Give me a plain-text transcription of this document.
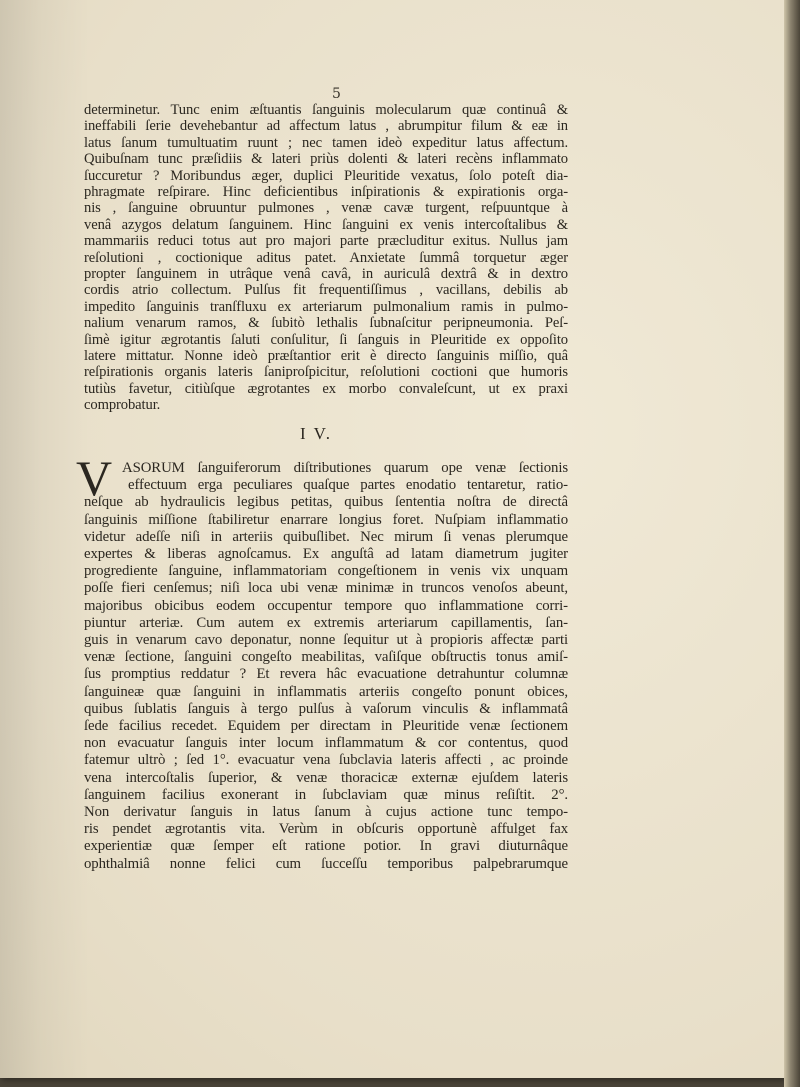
5

determinetur. Tunc enim æſtuantis ſanguinis molecularum quæ continuâ &

ineffabili ſerie devehebantur ad affectum latus , abrumpitur filum & eæ in

latus ſanum tumultuatim ruunt ; nec tamen ideò expeditur latus affectum.

Quibuſnam tunc præſidiis & lateri priùs dolenti & lateri recèns inflammato

ſuccuretur ? Moribundus æger, duplici Pleuritide vexatus, ſolo poteſt dia-

phragmate reſpirare. Hinc deficientibus inſpirationis & expirationis orga-

nis , ſanguine obruuntur pulmones , venæ cavæ turgent, reſpuuntque à

venâ azygos delatum ſanguinem. Hinc ſanguini ex venis intercoſtalibus &

mammariis reduci totus aut pro majori parte præcluditur exitus. Nullus jam

reſolutioni , coctionique aditus patet. Anxietate ſummâ torquetur æger

propter ſanguinem in utrâque venâ cavâ, in auriculâ dextrâ & in dextro

cordis atrio collectum. Pulſus fit frequentiſſimus , vacillans, debilis ab

impedito ſanguinis tranſfluxu ex arteriarum pulmonalium ramis in pulmo-

nalium venarum ramos, & ſubitò lethalis ſubnaſcitur peripneumonia. Peſ-

ſimè igitur ægrotantis ſaluti conſulitur, ſi ſanguis in Pleuritide ex oppoſito

latere mittatur. Nonne ideò præſtantior erit è directo ſanguinis miſſio, quâ

reſpirationis organis lateris ſaniproſpicitur, reſolutioni coctioni que humoris

tutiùs favetur, citiùſque ægrotantes ex morbo convaleſcunt, ut ex praxi

comprobatur.

I V.
V ASORUM ſanguiferorum diſtributiones quarum ope venæ ſectionis

effectuum erga peculiares quaſque partes enodatio tentaretur, ratio-

neſque ab hydraulicis legibus petitas, quibus ſententia noſtra de directâ

ſanguinis miſſione ſtabiliretur enarrare longius foret. Nuſpiam inflammatio

videtur adeſſe niſi in arteriis quibuſlibet. Nec mirum ſi venas plerumque

expertes & liberas agnoſcamus. Ex anguſtâ ad latam diametrum jugiter

progrediente ſanguine, inflammatoriam congeſtionem in venis vix unquam

poſſe fieri cenſemus; niſi loca ubi venæ minimæ in truncos venoſos abeunt,

majoribus obicibus eodem occupentur tempore quo inflammatione corri-

piuntur arteriæ. Cum autem ex extremis arteriarum capillamentis, ſan-

guis in venarum cavo deponatur, nonne ſequitur ut à propioris affectæ parti

venæ ſectione, ſanguini congeſto meabilitas, vaſiſque obſtructis tonus amiſ-

ſus promptius reddatur ? Et revera hâc evacuatione detrahuntur columnæ

ſanguineæ quæ ſanguini in inflammatis arteriis congeſto ponunt obices,

quibus ſublatis ſanguis à tergo pulſus à vaſorum vinculis & inflammatâ

ſede facilius recedet. Equidem per directam in Pleuritide venæ ſectionem

non evacuatur ſanguis inter locum inflammatum & cor contentus, quod

fatemur ultrò ; ſed 1°. evacuatur vena ſubclavia lateris affecti , ac proinde

vena intercoſtalis ſuperior, & venæ thoracicæ externæ ejuſdem lateris

ſanguinem facilius exonerant in ſubclaviam quæ minus reſiſtit. 2°.

Non derivatur ſanguis in latus ſanum à cujus actione tunc tempo-

ris pendet ægrotantis vita. Verùm in obſcuris opportunè affulget fax

experientiæ quæ ſemper eſt ratione potior. In gravi diuturnâque

ophthalmiâ nonne felici cum ſucceſſu temporibus palpebrarumque
